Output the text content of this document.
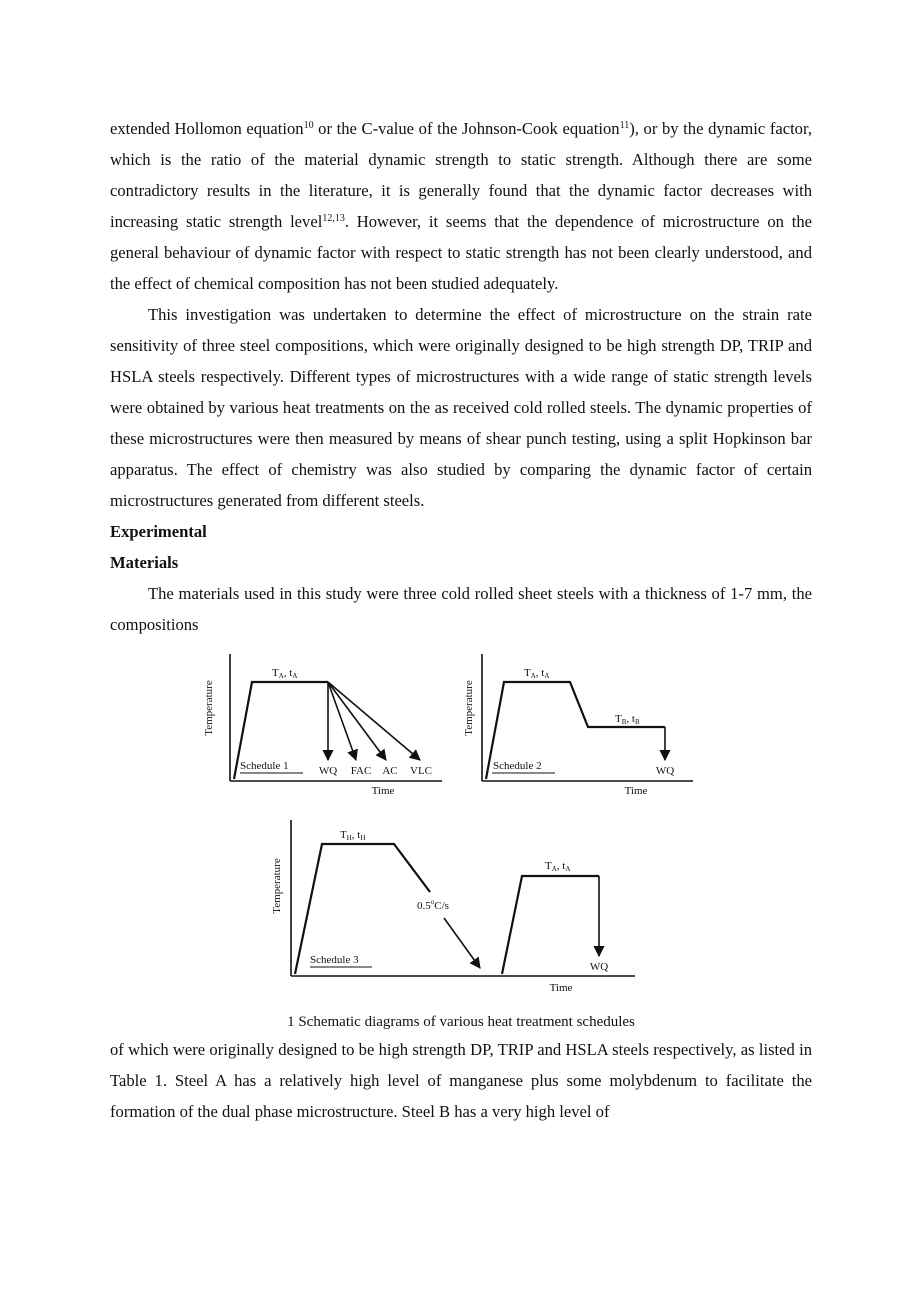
extended Hollomon equation$^{10}$ or the C-value of the Johnson-Cook equation$^{11}$), or by the dynamic factor, which is the ratio of the material dynamic strength to static strength. Although there are some contradictory results in the literature, it is generally found that the dynamic factor decreases with increasing static strength level$^{12,13}$. However, it seems that the dependence of microstructure on the general behaviour of dynamic factor with respect to static strength has not been clearly understood, and the effect of chemical composition has not been studied adequately.

This investigation was undertaken to determine the effect of microstructure on the strain rate sensitivity of three steel compositions, which were originally designed to be high strength DP, TRIP and HSLA steels respectively. Different types of microstructures with a wide range of static strength levels were obtained by various heat treatments on the as received cold rolled steels. The dynamic properties of these microstructures were then measured by means of shear punch testing, using a split Hopkinson bar apparatus. The effect of chemistry was also studied by comparing the dynamic factor of certain microstructures generated from different steels.

Experimental

Materials

The materials used in this study were three cold rolled sheet steels with a thickness of 1-7 mm, the compositions

Temperature
Time
Schedule 1
TA, tA
WQ FAC AC VLC
Temperature
Time
Schedule 2
TA, tA
TB, tB
WQ
Temperature
Time
Schedule 3
TH, tH
0.5$^o$C/s
TA, tA
WQ

1 Schematic diagrams of various heat treatment schedules

of which were originally designed to be high strength DP, TRIP and HSLA steels respectively, as listed in Table 1. Steel A has a relatively high level of manganese plus some molybdenum to facilitate the formation of the dual phase microstructure. Steel B has a very high level of
